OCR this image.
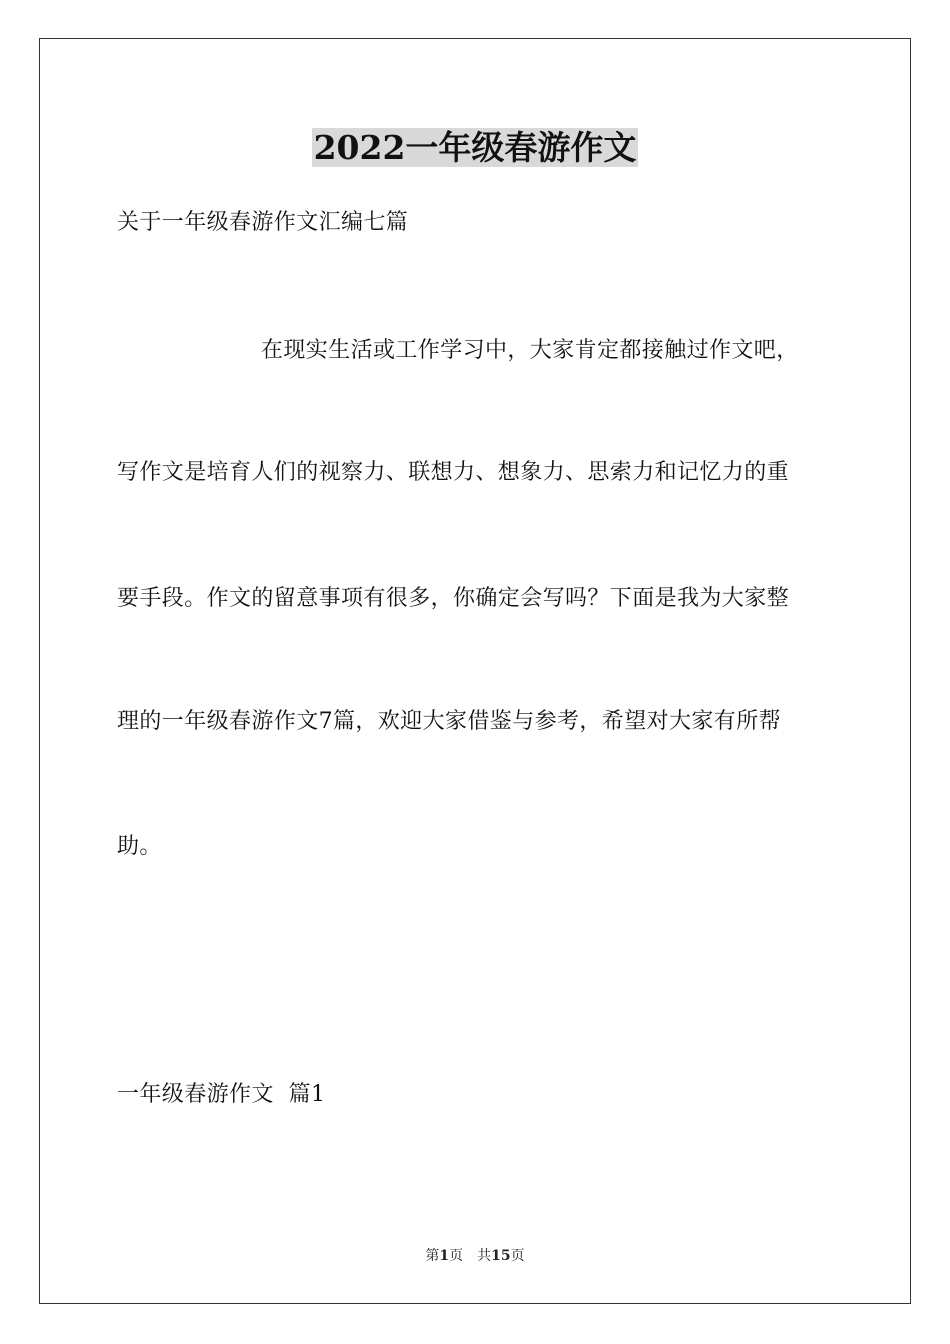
2022一年级春游作文
关于一年级春游作文汇编七篇
在现实生活或工作学习中，大家肯定都接触过作文吧，
写作文是培育人们的视察力、联想力、想象力、思索力和记忆力的重
要手段。作文的留意事项有很多，你确定会写吗？下面是我为大家整
理的一年级春游作文7篇，欢迎大家借鉴与参考，希望对大家有所帮
助。
一年级春游作文  篇1
第1页 共15页
